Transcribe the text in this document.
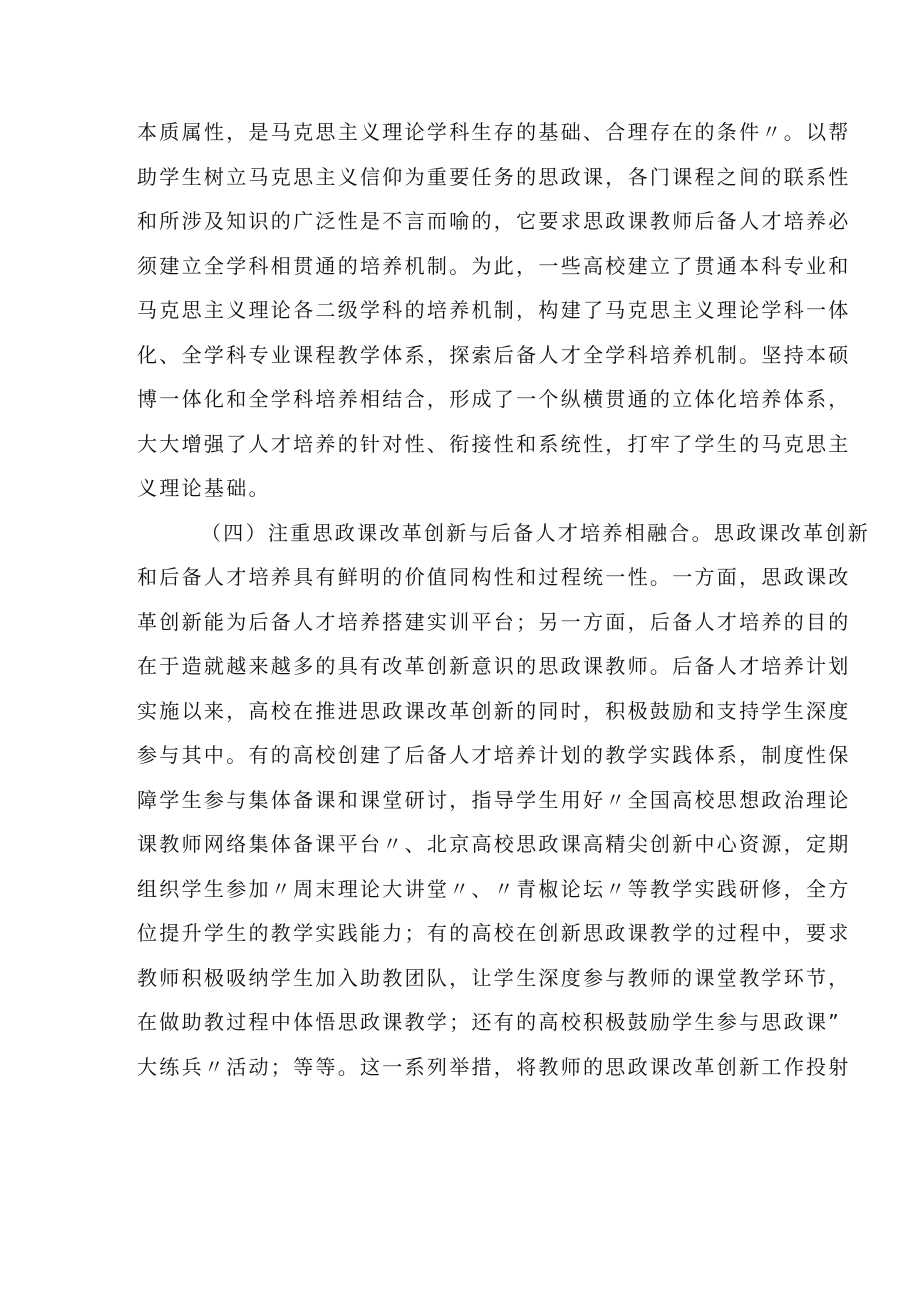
本质属性，是马克思主义理论学科生存的基础、合理存在的条件〃。以帮
助学生树立马克思主义信仰为重要任务的思政课，各门课程之间的联系性
和所涉及知识的广泛性是不言而喻的，它要求思政课教师后备人才培养必
须建立全学科相贯通的培养机制。为此，一些高校建立了贯通本科专业和
马克思主义理论各二级学科的培养机制，构建了马克思主义理论学科一体
化、全学科专业课程教学体系，探索后备人才全学科培养机制。坚持本硕
博一体化和全学科培养相结合，形成了一个纵横贯通的立体化培养体系，
大大增强了人才培养的针对性、衔接性和系统性，打牢了学生的马克思主
义理论基础。
（四）注重思政课改革创新与后备人才培养相融合。思政课改革创新
和后备人才培养具有鲜明的价值同构性和过程统一性。一方面，思政课改
革创新能为后备人才培养搭建实训平台；另一方面，后备人才培养的目的
在于造就越来越多的具有改革创新意识的思政课教师。后备人才培养计划
实施以来，高校在推进思政课改革创新的同时，积极鼓励和支持学生深度
参与其中。有的高校创建了后备人才培养计划的教学实践体系，制度性保
障学生参与集体备课和课堂研讨，指导学生用好〃全国高校思想政治理论
课教师网络集体备课平台〃、北京高校思政课高精尖创新中心资源，定期
组织学生参加〃周末理论大讲堂〃、〃青椒论坛〃等教学实践研修，全方
位提升学生的教学实践能力；有的高校在创新思政课教学的过程中，要求
教师积极吸纳学生加入助教团队，让学生深度参与教师的课堂教学环节，
在做助教过程中体悟思政课教学；还有的高校积极鼓励学生参与思政课”
大练兵〃活动；等等。这一系列举措，将教师的思政课改革创新工作投射
